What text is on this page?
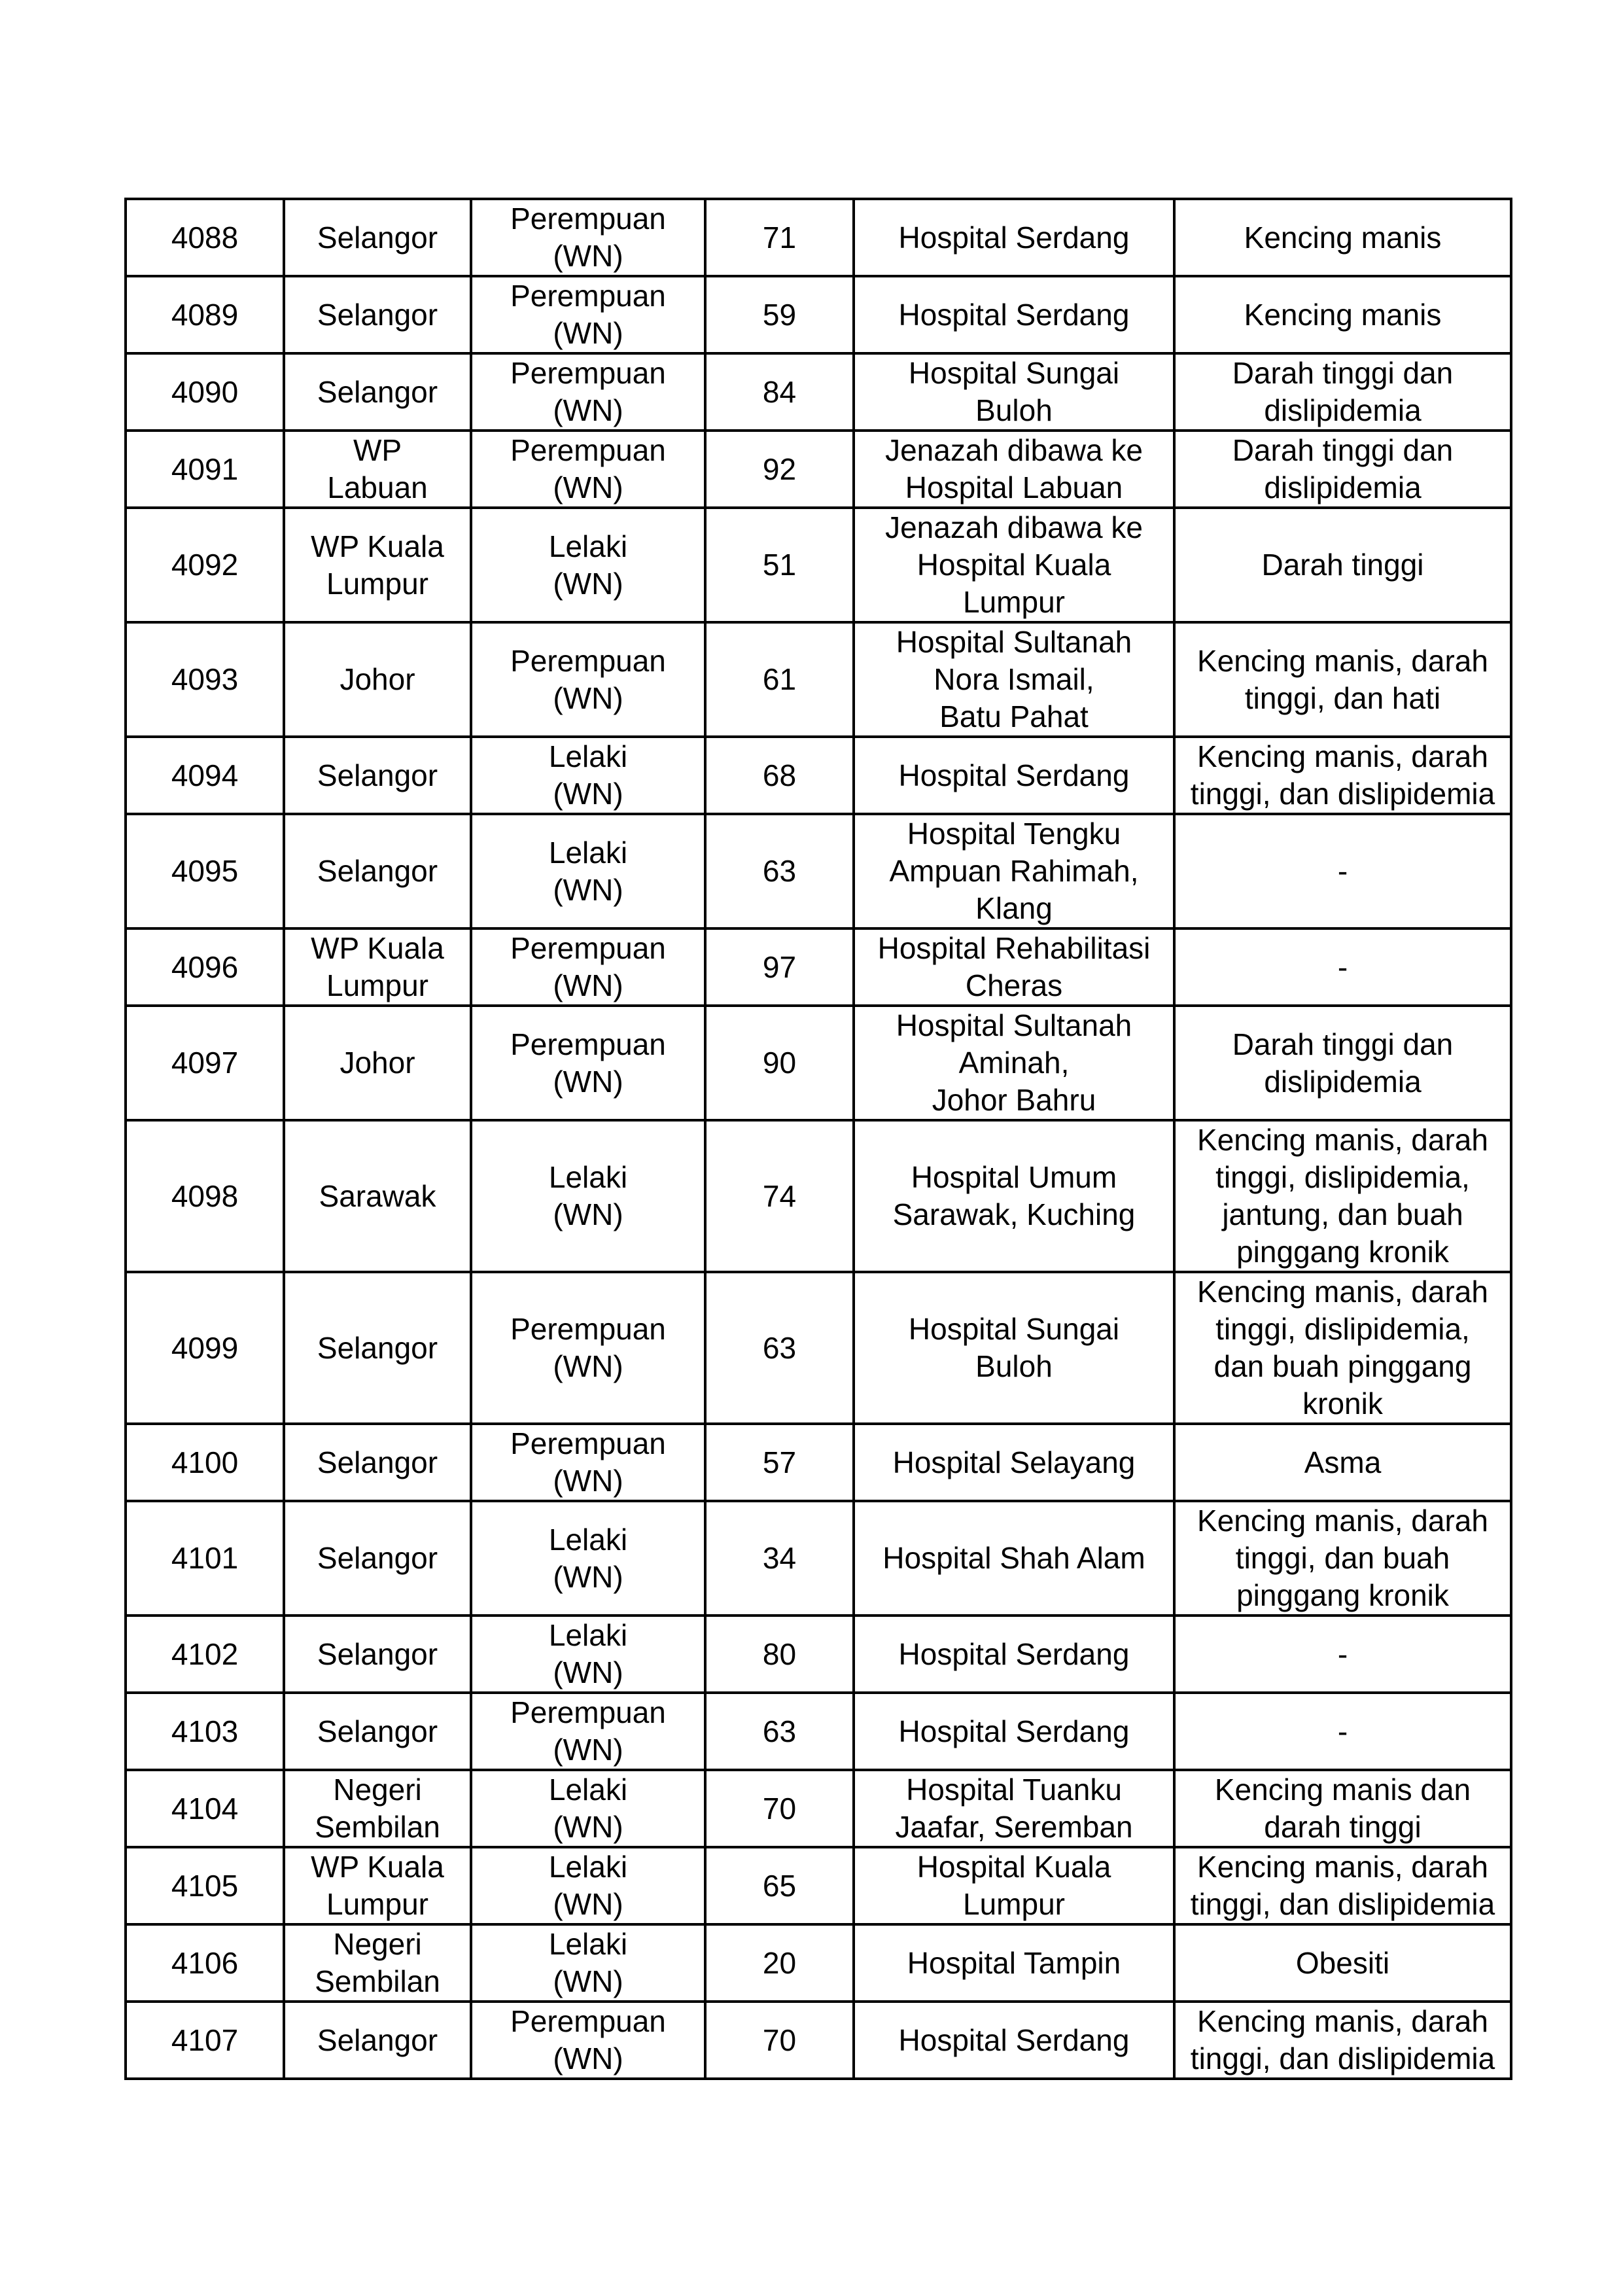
4088	Selangor	Perempuan
(WN)	71	Hospital Serdang	Kencing manis
4089	Selangor	Perempuan
(WN)	59	Hospital Serdang	Kencing manis
4090	Selangor	Perempuan
(WN)	84	Hospital Sungai
Buloh	Darah tinggi dan
dislipidemia
4091	WP
Labuan	Perempuan
(WN)	92	Jenazah dibawa ke
Hospital Labuan	Darah tinggi dan
dislipidemia
4092	WP Kuala
Lumpur	Lelaki
(WN)	51	Jenazah dibawa ke
Hospital Kuala
Lumpur	Darah tinggi
4093	Johor	Perempuan
(WN)	61	Hospital Sultanah
Nora Ismail,
Batu Pahat	Kencing manis, darah
tinggi, dan hati
4094	Selangor	Lelaki
(WN)	68	Hospital Serdang	Kencing manis, darah
tinggi, dan dislipidemia
4095	Selangor	Lelaki
(WN)	63	Hospital Tengku
Ampuan Rahimah,
Klang	-
4096	WP Kuala
Lumpur	Perempuan
(WN)	97	Hospital Rehabilitasi
Cheras	-
4097	Johor	Perempuan
(WN)	90	Hospital Sultanah
Aminah,
Johor Bahru	Darah tinggi dan
dislipidemia
4098	Sarawak	Lelaki
(WN)	74	Hospital Umum
Sarawak, Kuching	Kencing manis, darah
tinggi, dislipidemia,
jantung, dan buah
pinggang kronik
4099	Selangor	Perempuan
(WN)	63	Hospital Sungai
Buloh	Kencing manis, darah
tinggi, dislipidemia,
dan buah pinggang
kronik
4100	Selangor	Perempuan
(WN)	57	Hospital Selayang	Asma
4101	Selangor	Lelaki
(WN)	34	Hospital Shah Alam	Kencing manis, darah
tinggi, dan buah
pinggang kronik
4102	Selangor	Lelaki
(WN)	80	Hospital Serdang	-
4103	Selangor	Perempuan
(WN)	63	Hospital Serdang	-
4104	Negeri
Sembilan	Lelaki
(WN)	70	Hospital Tuanku
Jaafar, Seremban	Kencing manis dan
darah tinggi
4105	WP Kuala
Lumpur	Lelaki
(WN)	65	Hospital Kuala
Lumpur	Kencing manis, darah
tinggi, dan dislipidemia
4106	Negeri
Sembilan	Lelaki
(WN)	20	Hospital Tampin	Obesiti
4107	Selangor	Perempuan
(WN)	70	Hospital Serdang	Kencing manis, darah
tinggi, dan dislipidemia
